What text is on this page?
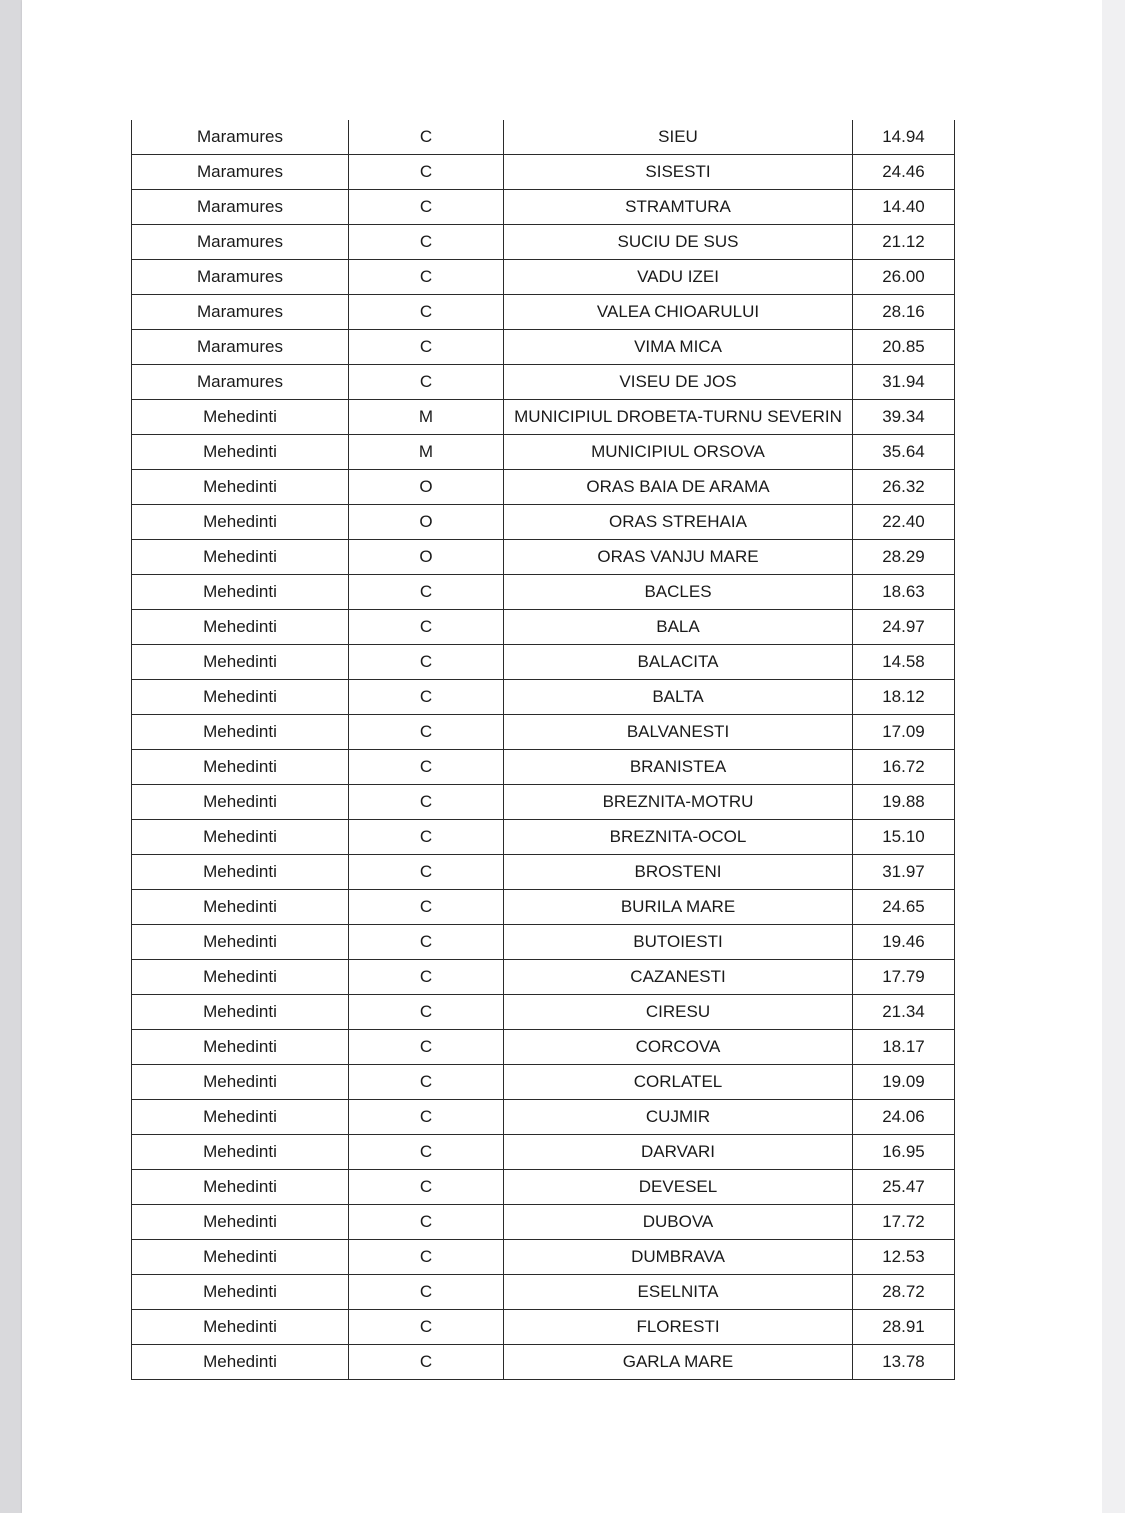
Maramures	C	SIEU	14.94
Maramures	C	SISESTI	24.46
Maramures	C	STRAMTURA	14.40
Maramures	C	SUCIU DE SUS	21.12
Maramures	C	VADU IZEI	26.00
Maramures	C	VALEA CHIOARULUI	28.16
Maramures	C	VIMA MICA	20.85
Maramures	C	VISEU DE JOS	31.94
Mehedinti	M	MUNICIPIUL DROBETA-TURNU SEVERIN	39.34
Mehedinti	M	MUNICIPIUL ORSOVA	35.64
Mehedinti	O	ORAS BAIA DE ARAMA	26.32
Mehedinti	O	ORAS STREHAIA	22.40
Mehedinti	O	ORAS VANJU MARE	28.29
Mehedinti	C	BACLES	18.63
Mehedinti	C	BALA	24.97
Mehedinti	C	BALACITA	14.58
Mehedinti	C	BALTA	18.12
Mehedinti	C	BALVANESTI	17.09
Mehedinti	C	BRANISTEA	16.72
Mehedinti	C	BREZNITA-MOTRU	19.88
Mehedinti	C	BREZNITA-OCOL	15.10
Mehedinti	C	BROSTENI	31.97
Mehedinti	C	BURILA MARE	24.65
Mehedinti	C	BUTOIESTI	19.46
Mehedinti	C	CAZANESTI	17.79
Mehedinti	C	CIRESU	21.34
Mehedinti	C	CORCOVA	18.17
Mehedinti	C	CORLATEL	19.09
Mehedinti	C	CUJMIR	24.06
Mehedinti	C	DARVARI	16.95
Mehedinti	C	DEVESEL	25.47
Mehedinti	C	DUBOVA	17.72
Mehedinti	C	DUMBRAVA	12.53
Mehedinti	C	ESELNITA	28.72
Mehedinti	C	FLORESTI	28.91
Mehedinti	C	GARLA MARE	13.78
